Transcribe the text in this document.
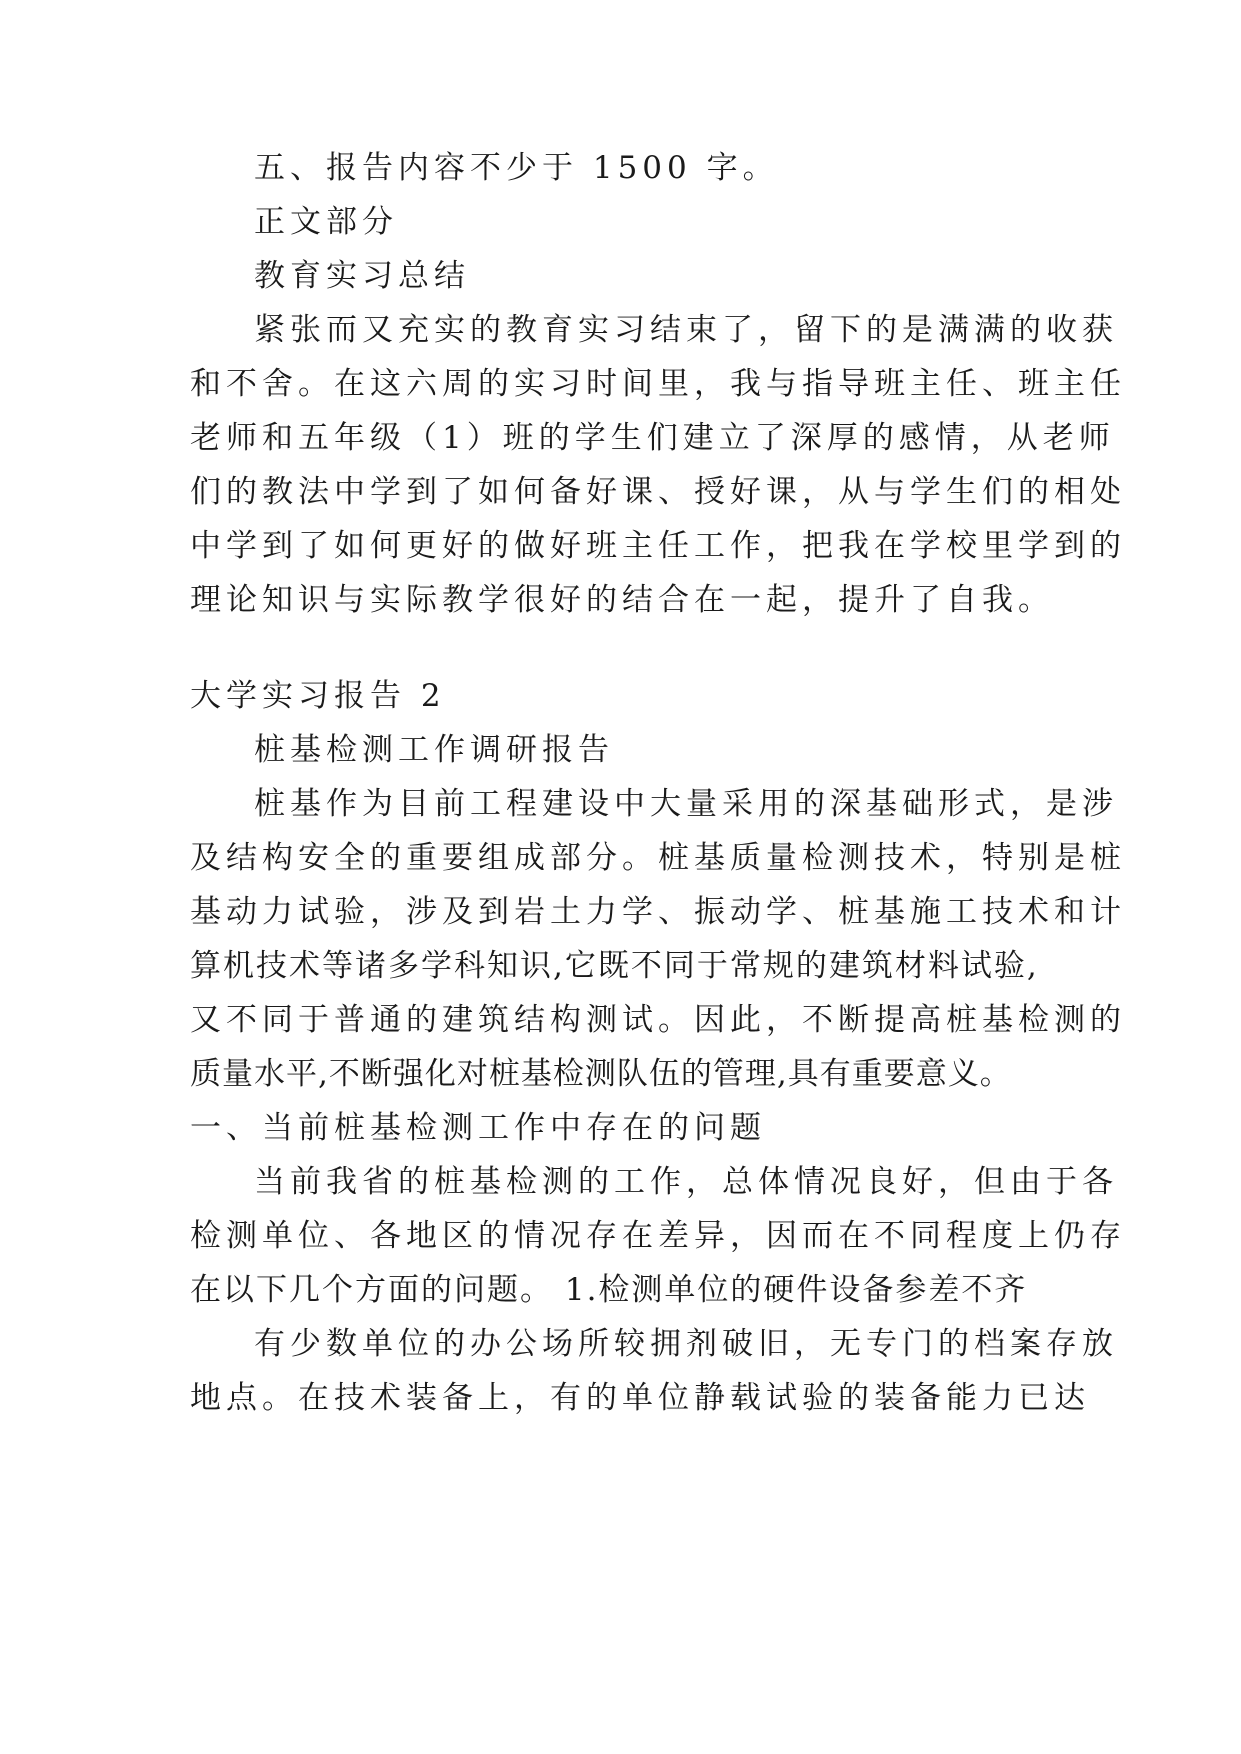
五、报告内容不少于 1500 字。
正文部分
教育实习总结
紧张而又充实的教育实习结束了，留下的是满满的收获
和不舍。在这六周的实习时间里，我与指导班主任、班主任
老师和五年级（1）班的学生们建立了深厚的感情，从老师
们的教法中学到了如何备好课、授好课，从与学生们的相处
中学到了如何更好的做好班主任工作，把我在学校里学到的
理论知识与实际教学很好的结合在一起，提升了自我。
大学实习报告 2
桩基检测工作调研报告
桩基作为目前工程建设中大量采用的深基础形式，是涉
及结构安全的重要组成部分。桩基质量检测技术，特别是桩
基动力试验，涉及到岩土力学、振动学、桩基施工技术和计
算机技术等诸多学科知识,它既不同于常规的建筑材料试验,
又不同于普通的建筑结构测试。因此，不断提高桩基检测的
质量水平,不断强化对桩基检测队伍的管理,具有重要意义。
一、当前桩基检测工作中存在的问题
当前我省的桩基检测的工作，总体情况良好，但由于各
检测单位、各地区的情况存在差异，因而在不同程度上仍存
在以下几个方面的问题。 1.检测单位的硬件设备参差不齐
有少数单位的办公场所较拥剂破旧，无专门的档案存放
地点。在技术装备上，有的单位静载试验的装备能力已达
